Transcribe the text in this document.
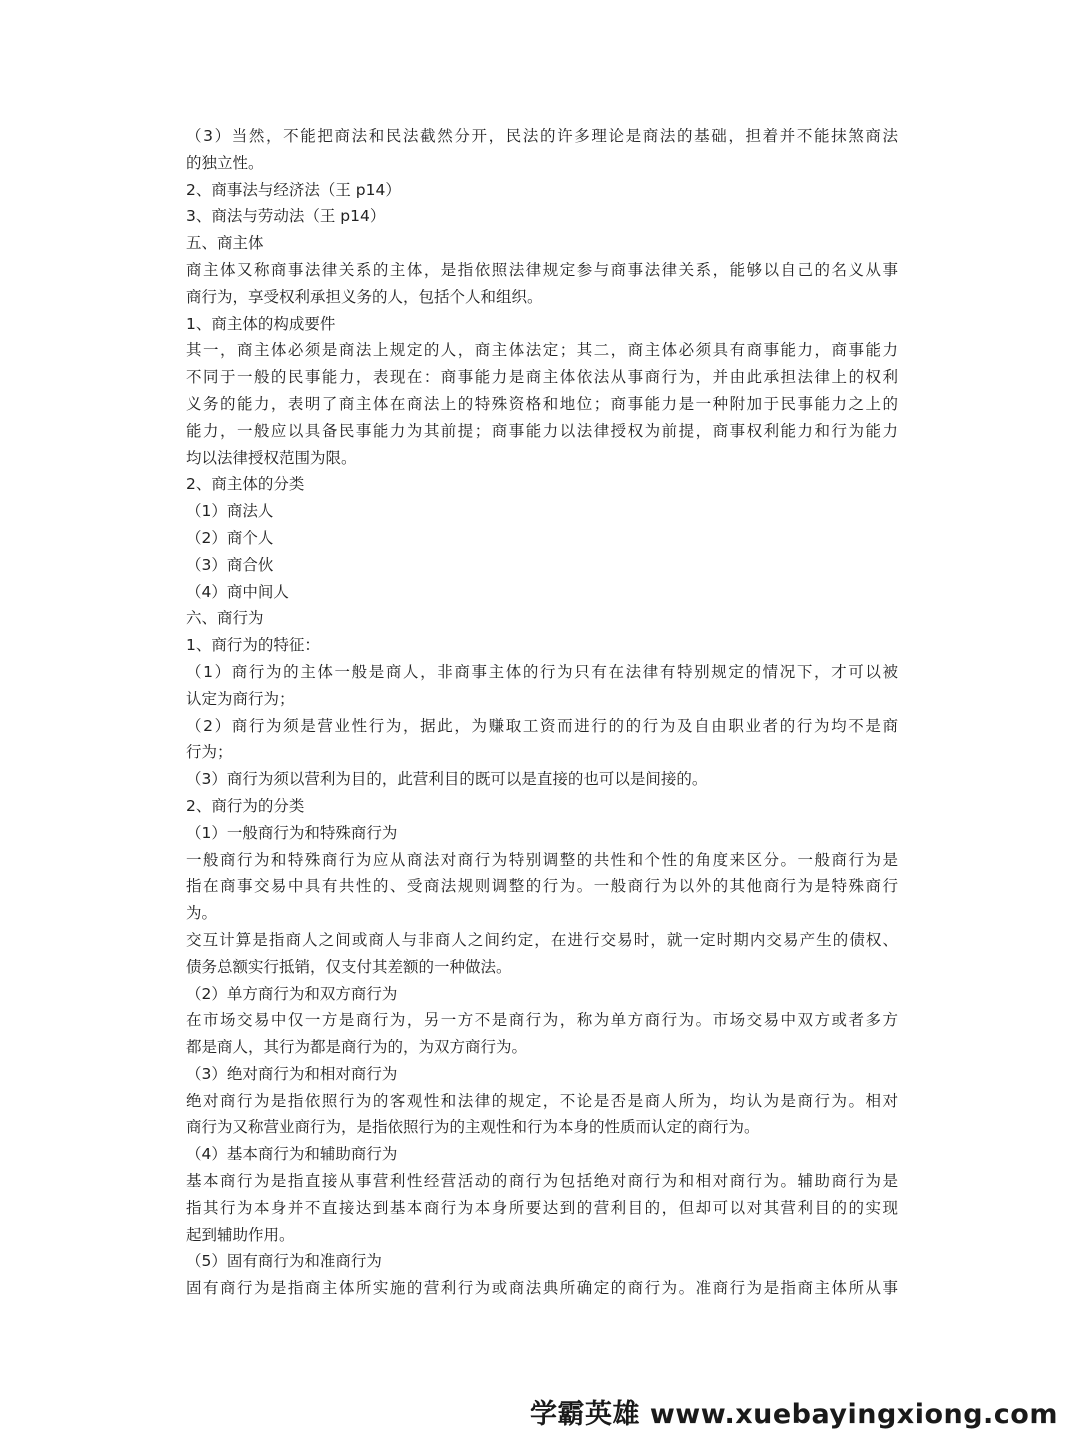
（3）当然，不能把商法和民法截然分开，民法的许多理论是商法的基础，担着并不能抹煞商法
的独立性。
2、商事法与经济法（王 p14）
3、商法与劳动法（王 p14）
五、商主体
商主体又称商事法律关系的主体，是指依照法律规定参与商事法律关系，能够以自己的名义从事
商行为，享受权利承担义务的人，包括个人和组织。
1、商主体的构成要件
其一，商主体必须是商法上规定的人，商主体法定；其二，商主体必须具有商事能力，商事能力
不同于一般的民事能力，表现在：商事能力是商主体依法从事商行为，并由此承担法律上的权利
义务的能力，表明了商主体在商法上的特殊资格和地位；商事能力是一种附加于民事能力之上的
能力，一般应以具备民事能力为其前提；商事能力以法律授权为前提，商事权利能力和行为能力
均以法律授权范围为限。
2、商主体的分类
（1）商法人
（2）商个人
（3）商合伙
（4）商中间人
六、商行为
1、商行为的特征：
（1）商行为的主体一般是商人，非商事主体的行为只有在法律有特别规定的情况下，才可以被
认定为商行为；
（2）商行为须是营业性行为，据此，为赚取工资而进行的的行为及自由职业者的行为均不是商
行为；
（3）商行为须以营利为目的，此营利目的既可以是直接的也可以是间接的。
2、商行为的分类
（1）一般商行为和特殊商行为
一般商行为和特殊商行为应从商法对商行为特别调整的共性和个性的角度来区分。一般商行为是
指在商事交易中具有共性的、受商法规则调整的行为。一般商行为以外的其他商行为是特殊商行
为。
交互计算是指商人之间或商人与非商人之间约定，在进行交易时，就一定时期内交易产生的债权、
债务总额实行抵销，仅支付其差额的一种做法。
（2）单方商行为和双方商行为
在市场交易中仅一方是商行为，另一方不是商行为，称为单方商行为。市场交易中双方或者多方
都是商人，其行为都是商行为的，为双方商行为。
（3）绝对商行为和相对商行为
绝对商行为是指依照行为的客观性和法律的规定，不论是否是商人所为，均认为是商行为。相对
商行为又称营业商行为，是指依照行为的主观性和行为本身的性质而认定的商行为。
（4）基本商行为和辅助商行为
基本商行为是指直接从事营利性经营活动的商行为包括绝对商行为和相对商行为。辅助商行为是
指其行为本身并不直接达到基本商行为本身所要达到的营利目的，但却可以对其营利目的的实现
起到辅助作用。
（5）固有商行为和准商行为
固有商行为是指商主体所实施的营利行为或商法典所确定的商行为。准商行为是指商主体所从事
学霸英雄 www.xuebayingxiong.com
